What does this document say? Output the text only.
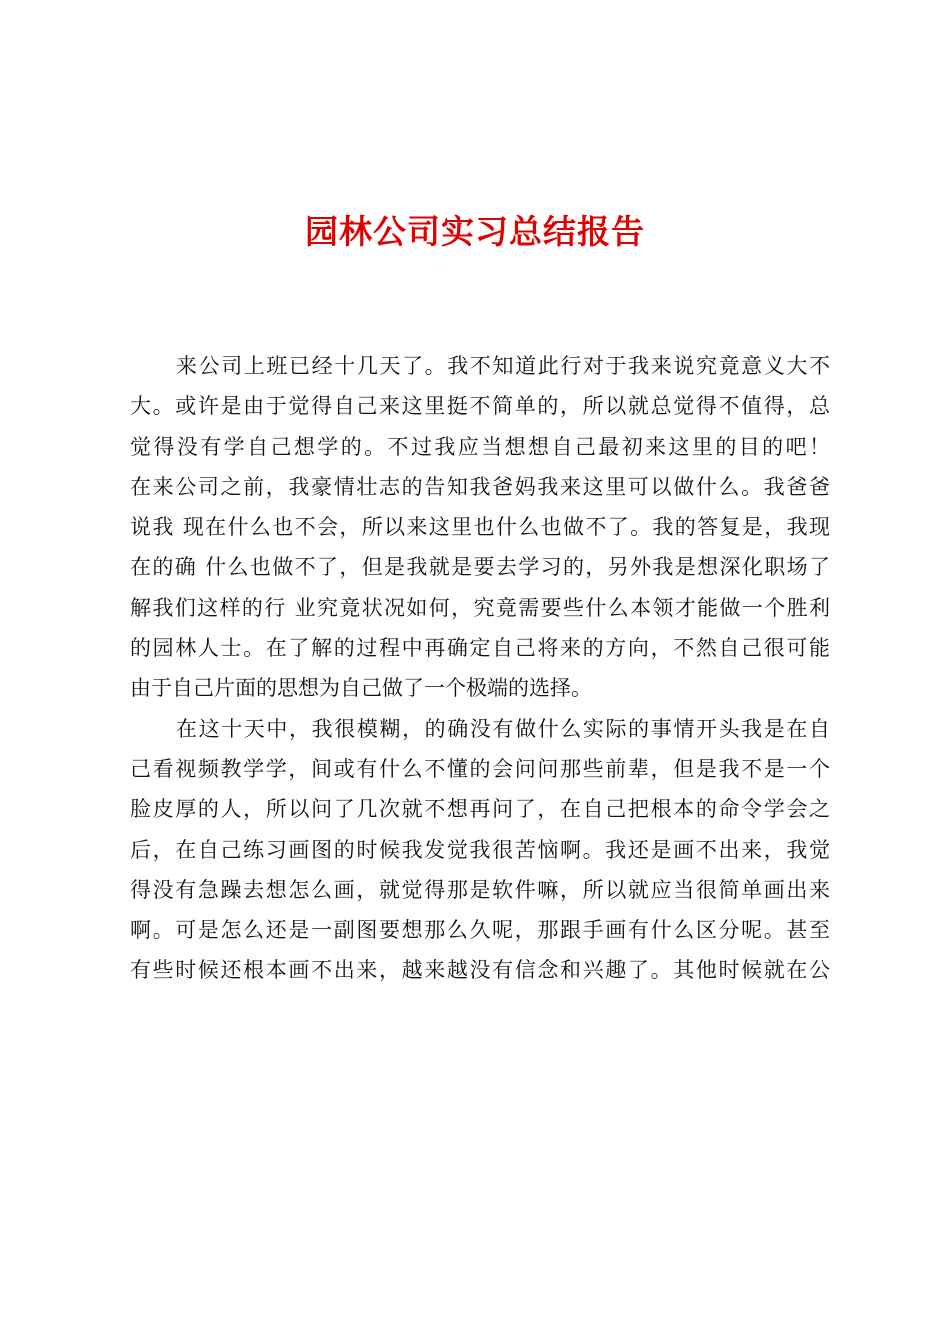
园林公司实习总结报告
来公司上班已经十几天了。我不知道此行对于我来说究竟意义大不
大。或许是由于觉得自己来这里挺不简单的，所以就总觉得不值得，总
觉得没有学自己想学的。不过我应当想想自己最初来这里的目的吧！
在来公司之前，我豪情壮志的告知我爸妈我来这里可以做什么。我爸爸
说我 现在什么也不会，所以来这里也什么也做不了。我的答复是，我现
在的确 什么也做不了，但是我就是要去学习的，另外我是想深化职场了
解我们这样的行 业究竟状况如何，究竟需要些什么本领才能做一个胜利
的园林人士。在了解的过程中再确定自己将来的方向，不然自己很可能
由于自己片面的思想为自己做了一个极端的选择。
在这十天中，我很模糊，的确没有做什么实际的事情开头我是在自
己看视频教学学，间或有什么不懂的会问问那些前辈，但是我不是一个
脸皮厚的人，所以问了几次就不想再问了，在自己把根本的命令学会之
后，在自己练习画图的时候我发觉我很苦恼啊。我还是画不出来，我觉
得没有急躁去想怎么画，就觉得那是软件嘛，所以就应当很简单画出来
啊。可是怎么还是一副图要想那么久呢，那跟手画有什么区分呢。甚至
有些时候还根本画不出来，越来越没有信念和兴趣了。其他时候就在公
